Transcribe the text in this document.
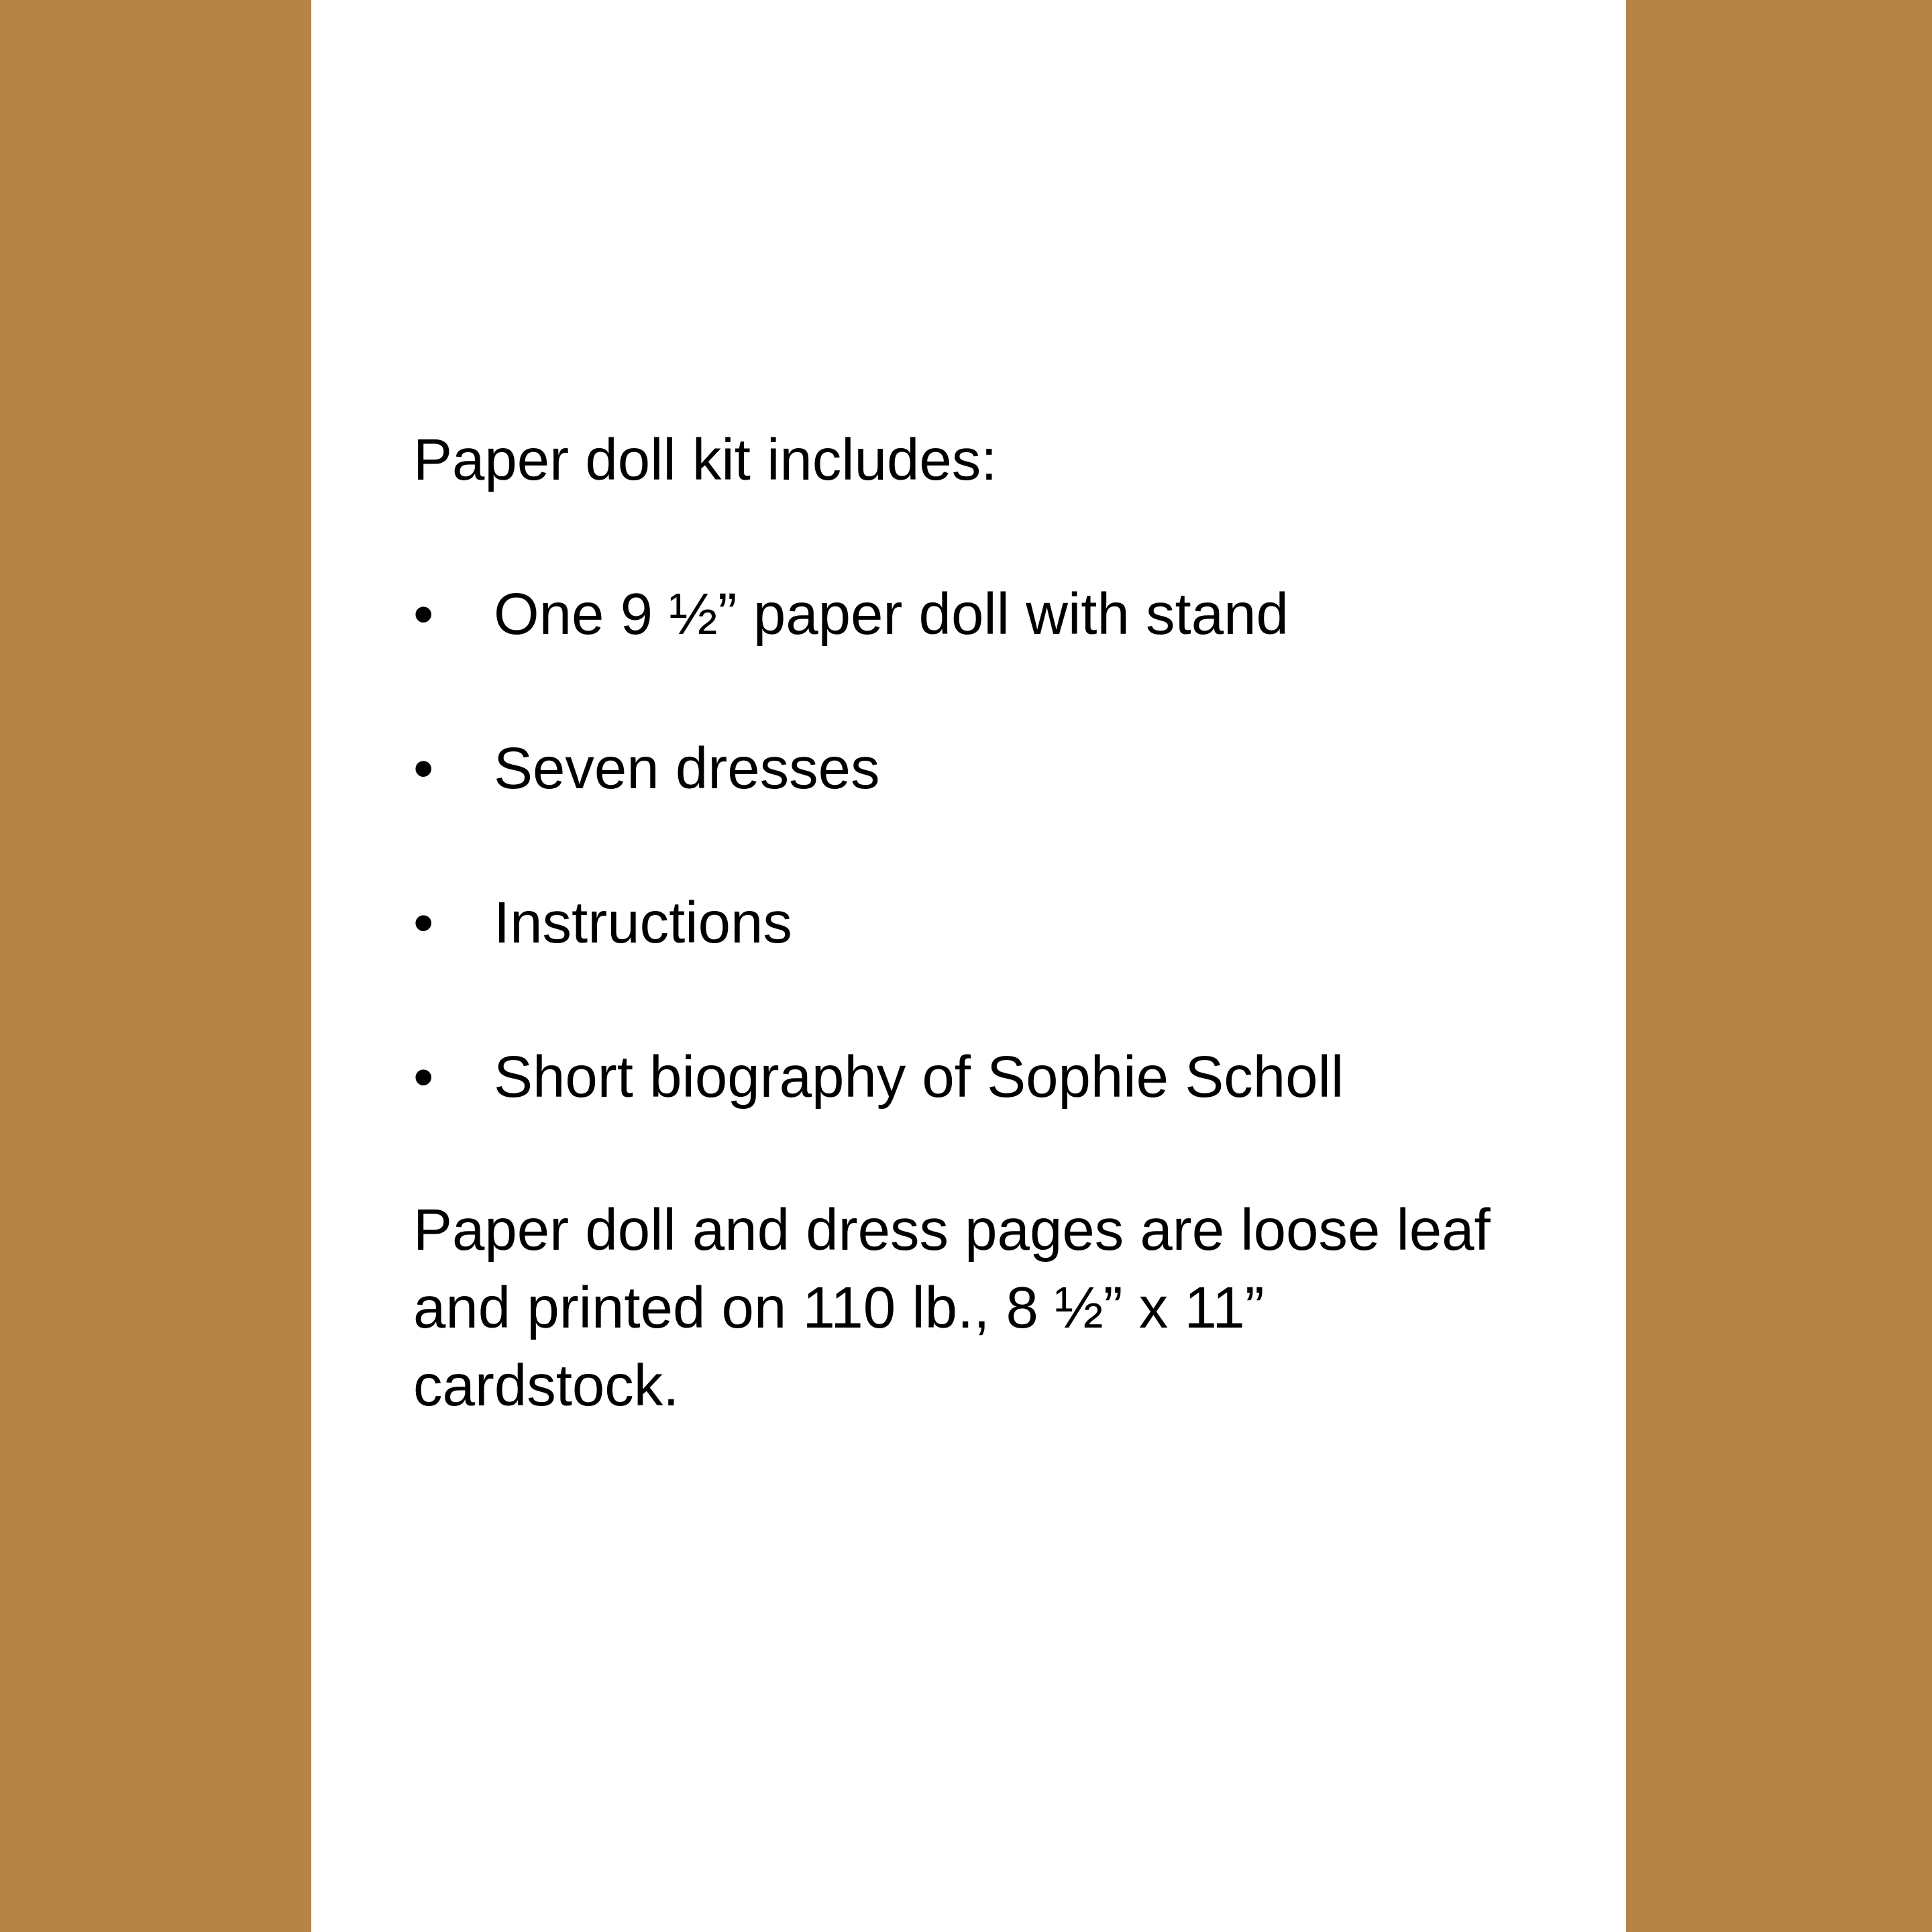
Paper doll kit includes:

•	One 9 ½” paper doll with stand
•	Seven dresses
•	Instructions
•	Short biography of Sophie Scholl

Paper doll and dress pages are loose leaf and printed on 110 lb., 8 ½” x 11” cardstock.
